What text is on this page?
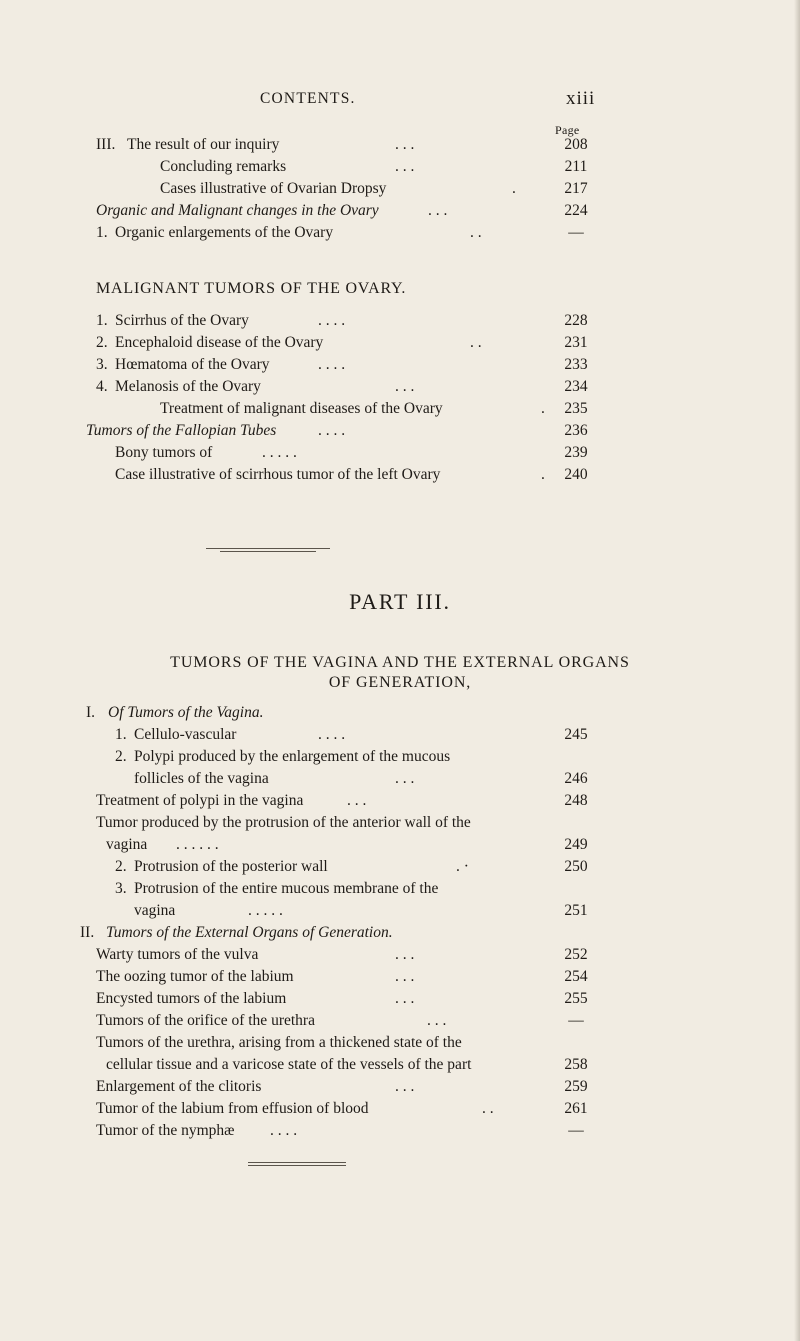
CONTENTS.	xiii
Page
III. The result of our inquiry	. . .	208
Concluding remarks	. . .	211
Cases illustrative of Ovarian Dropsy	.	217
Organic and Malignant changes in the Ovary	. . .	224
1. Organic enlargements of the Ovary	. .	—
MALIGNANT TUMORS OF THE OVARY.
1. Scirrhus of the Ovary	. . . .	228
2. Encephaloid disease of the Ovary	. .	231
3. Hœmatoma of the Ovary	. . . .	233
4. Melanosis of the Ovary	. . .	234
Treatment of malignant diseases of the Ovary	.	235
Tumors of the Fallopian Tubes	. . . .	236
Bony tumors of	. . . . .	239
Case illustrative of scirrhous tumor of the left Ovary	.	240
PART III.
TUMORS OF THE VAGINA AND THE EXTERNAL ORGANS
OF GENERATION,
I. Of Tumors of the Vagina.
1. Cellulo-vascular	. . . .	245
2. Polypi produced by the enlargement of the mucous
follicles of the vagina	. . .	246
Treatment of polypi in the vagina	. . .	248
Tumor produced by the protrusion of the anterior wall of the
vagina . . . . . .	249
2. Protrusion of the posterior wall	. ·	250
3. Protrusion of the entire mucous membrane of the
vagina	. . . . .	251
II. Tumors of the External Organs of Generation.
Warty tumors of the vulva	. . .	252
The oozing tumor of the labium	. . .	254
Encysted tumors of the labium	. . .	255
Tumors of the orifice of the urethra	. . .	—
Tumors of the urethra, arising from a thickened state of the
cellular tissue and a varicose state of the vessels of the part	258
Enlargement of the clitoris	. . .	259
Tumor of the labium from effusion of blood	. .	261
Tumor of the nymphæ . . . .	—
